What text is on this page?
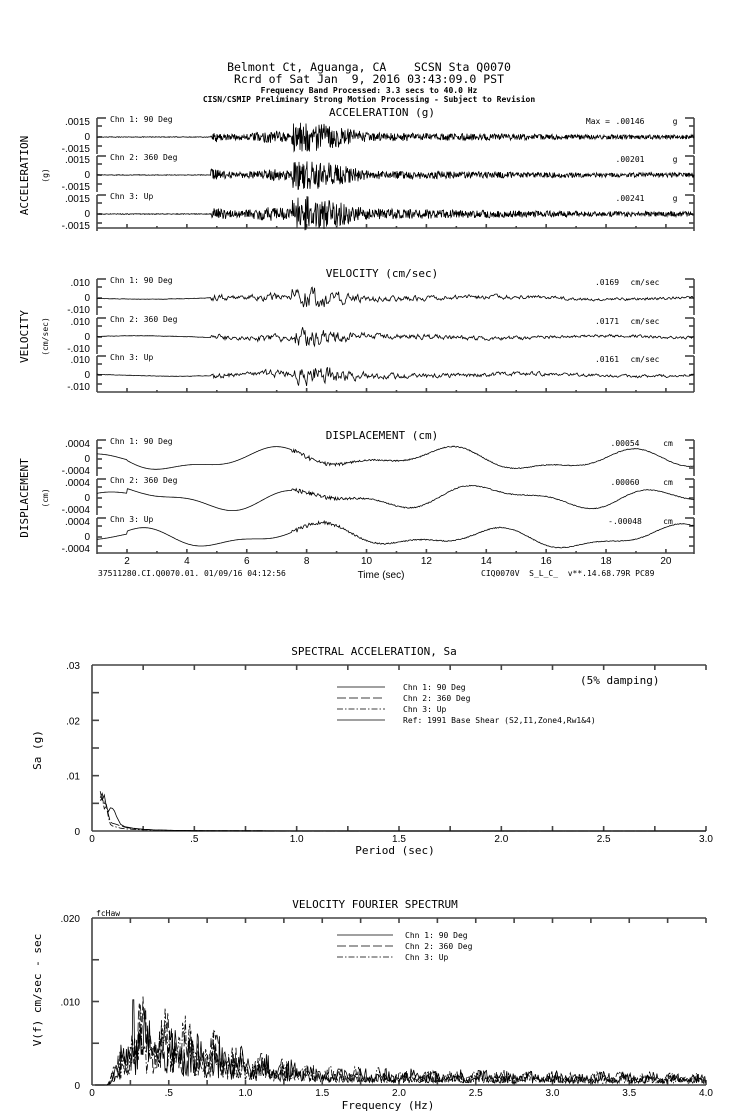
Belmont Ct, Aguanga, CA    SCSN Sta Q0070
Rcrd of Sat Jan  9, 2016 03:43:09.0 PST
Frequency Band Processed: 3.3 secs to 40.0 Hz
CISN/CSMIP Preliminary Strong Motion Processing - Subject to Revision
ACCELERATION (g)
ACCELERATION (g)
Chn 1: 90 Deg
.0015
0
-.0015
Max = .00146	g
Chn 2: 360 Deg
.0015
0
-.0015
.00201	g
Chn 3: Up
.0015
0
-.0015
.00241	g
VELOCITY (cm/sec)
VELOCITY (cm/sec)
Chn 1: 90 Deg
.010
0
-.010
.0169 cm/sec
Chn 2: 360 Deg
.010
0
-.010
.0171 cm/sec
Chn 3: Up
.010
0
-.010
.0161 cm/sec
DISPLACEMENT (cm)
DISPLACEMENT (cm)
Chn 1: 90 Deg
.0004
0
-.0004
.00054	cm
Chn 2: 360 Deg
.0004
0
-.0004
.00060	cm
Chn 3: Up
.0004
0
-.0004
-.00048	cm
2	4	6	8	10	12	14	16	18	20
Time (sec)
0	.5	1.0	1.5	2.0	2.5	3.0
0
.01
.02
.03
SPECTRAL ACCELERATION, Sa
(5% damping)
Period (sec)
Sa (g)
Chn 1: 90 Deg
Chn 2: 360 Deg
Chn 3: Up
Ref: 1991 Base Shear (S2,I1,Zone4,Rw1&4)
0	.5	1.0	1.5	2.0	2.5	3.0	3.5	4.0
0
.010
.020
VELOCITY FOURIER SPECTRUM
fcHaw
Frequency (Hz)
V(f) cm/sec - sec	Chn 1: 90 Deg
Chn 2: 360 Deg
Chn 3: Up
37511280.CI.Q0070.01. 01/09/16 04:12:56	CIQ0070V  S_L_C_  v**.14.68.79R PC89
